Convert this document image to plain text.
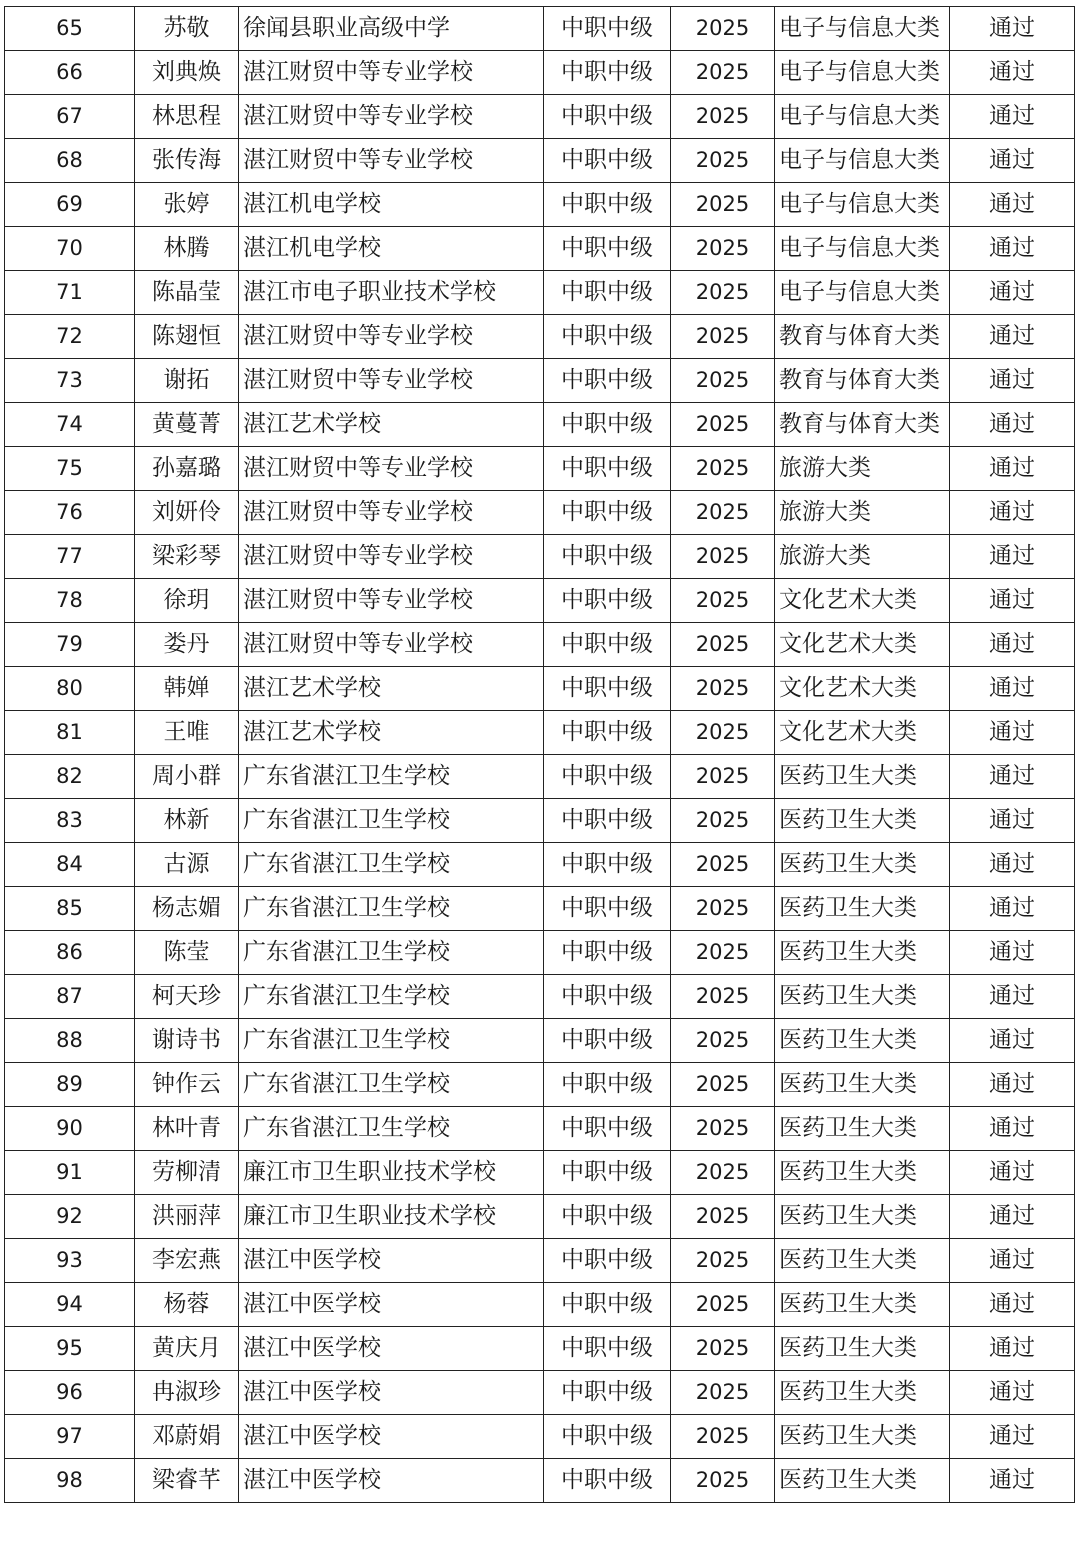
65	苏敬	徐闻县职业高级中学	中职中级	2025	电子与信息大类	通过
66	刘典焕	湛江财贸中等专业学校	中职中级	2025	电子与信息大类	通过
67	林思程	湛江财贸中等专业学校	中职中级	2025	电子与信息大类	通过
68	张传海	湛江财贸中等专业学校	中职中级	2025	电子与信息大类	通过
69	张婷	湛江机电学校	中职中级	2025	电子与信息大类	通过
70	林腾	湛江机电学校	中职中级	2025	电子与信息大类	通过
71	陈晶莹	湛江市电子职业技术学校	中职中级	2025	电子与信息大类	通过
72	陈翅恒	湛江财贸中等专业学校	中职中级	2025	教育与体育大类	通过
73	谢拓	湛江财贸中等专业学校	中职中级	2025	教育与体育大类	通过
74	黄蔓菁	湛江艺术学校	中职中级	2025	教育与体育大类	通过
75	孙嘉璐	湛江财贸中等专业学校	中职中级	2025	旅游大类	通过
76	刘妍伶	湛江财贸中等专业学校	中职中级	2025	旅游大类	通过
77	梁彩琴	湛江财贸中等专业学校	中职中级	2025	旅游大类	通过
78	徐玥	湛江财贸中等专业学校	中职中级	2025	文化艺术大类	通过
79	娄丹	湛江财贸中等专业学校	中职中级	2025	文化艺术大类	通过
80	韩婵	湛江艺术学校	中职中级	2025	文化艺术大类	通过
81	王唯	湛江艺术学校	中职中级	2025	文化艺术大类	通过
82	周小群	广东省湛江卫生学校	中职中级	2025	医药卫生大类	通过
83	林新	广东省湛江卫生学校	中职中级	2025	医药卫生大类	通过
84	古源	广东省湛江卫生学校	中职中级	2025	医药卫生大类	通过
85	杨志媚	广东省湛江卫生学校	中职中级	2025	医药卫生大类	通过
86	陈莹	广东省湛江卫生学校	中职中级	2025	医药卫生大类	通过
87	柯天珍	广东省湛江卫生学校	中职中级	2025	医药卫生大类	通过
88	谢诗书	广东省湛江卫生学校	中职中级	2025	医药卫生大类	通过
89	钟作云	广东省湛江卫生学校	中职中级	2025	医药卫生大类	通过
90	林叶青	广东省湛江卫生学校	中职中级	2025	医药卫生大类	通过
91	劳柳清	廉江市卫生职业技术学校	中职中级	2025	医药卫生大类	通过
92	洪丽萍	廉江市卫生职业技术学校	中职中级	2025	医药卫生大类	通过
93	李宏燕	湛江中医学校	中职中级	2025	医药卫生大类	通过
94	杨蓉	湛江中医学校	中职中级	2025	医药卫生大类	通过
95	黄庆月	湛江中医学校	中职中级	2025	医药卫生大类	通过
96	冉淑珍	湛江中医学校	中职中级	2025	医药卫生大类	通过
97	邓蔚娟	湛江中医学校	中职中级	2025	医药卫生大类	通过
98	梁睿芊	湛江中医学校	中职中级	2025	医药卫生大类	通过
